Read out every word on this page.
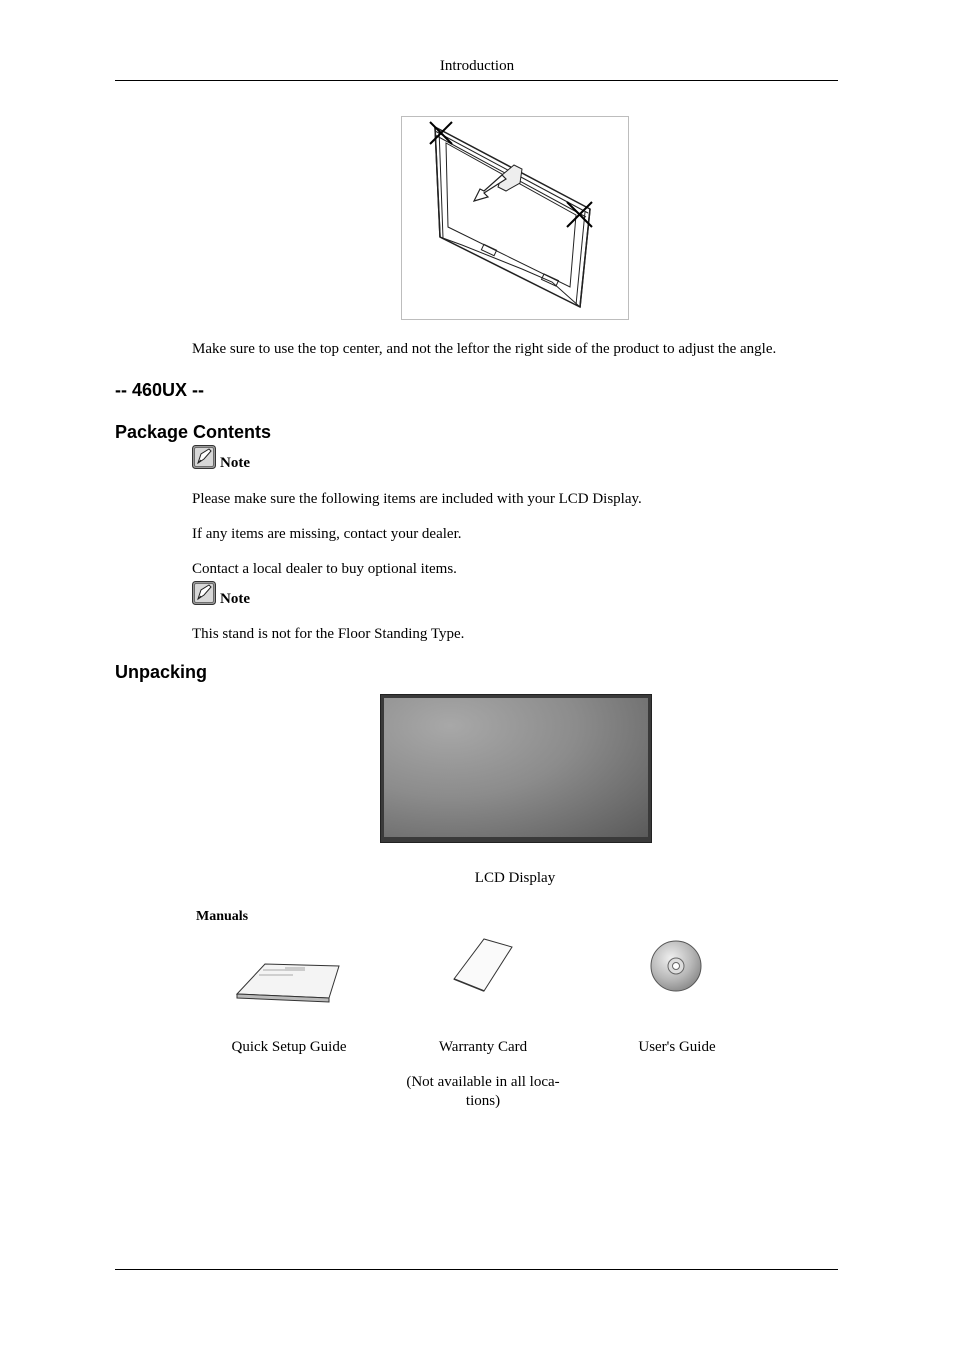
Introduction
Make sure to use the top center, and not the leftor the right side of the product to adjust the angle.
-- 460UX --
Package Contents
Note
Please make sure the following items are included with your LCD Display.
If any items are missing, contact your dealer.
Contact a local dealer to buy optional items.
Note
This stand is not for the Floor Standing Type.
Unpacking
LCD Display
Manuals
Quick Setup Guide	Warranty Card
(Not available in all loca-
tions)
User's Guide
